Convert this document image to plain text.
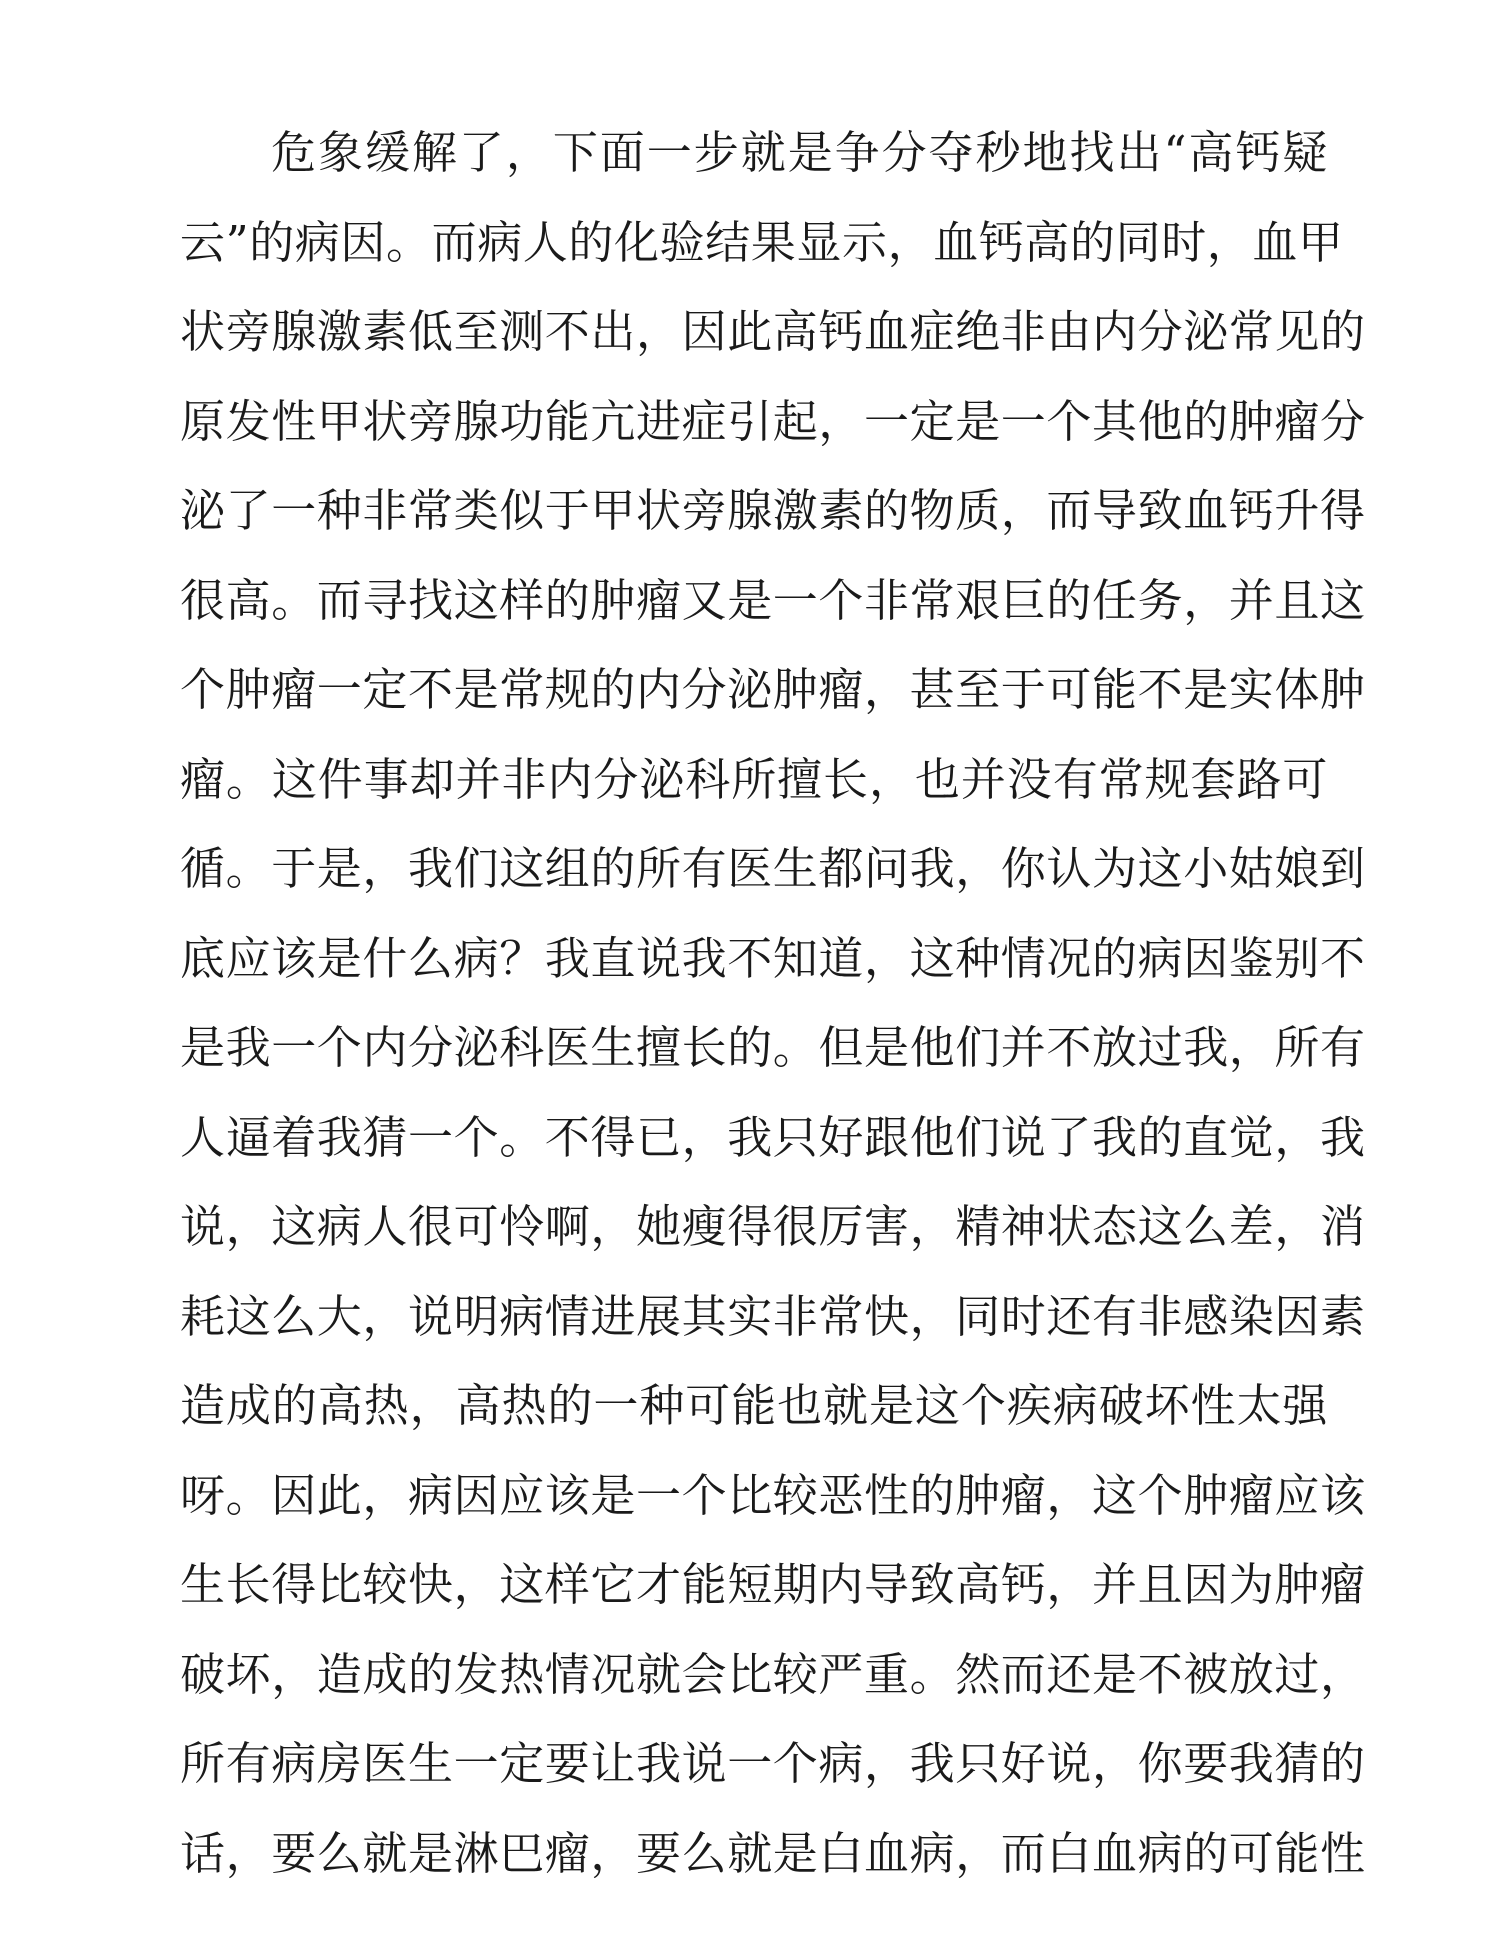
危象缓解了，下面一步就是争分夺秒地找出“高钙疑
云”的病因。而病人的化验结果显示，血钙高的同时，血甲
状旁腺激素低至测不出，因此高钙血症绝非由内分泌常见的
原发性甲状旁腺功能亢进症引起，一定是一个其他的肿瘤分
泌了一种非常类似于甲状旁腺激素的物质，而导致血钙升得
很高。而寻找这样的肿瘤又是一个非常艰巨的任务，并且这
个肿瘤一定不是常规的内分泌肿瘤，甚至于可能不是实体肿
瘤。这件事却并非内分泌科所擅长，也并没有常规套路可
循。于是，我们这组的所有医生都问我，你认为这小姑娘到
底应该是什么病？我直说我不知道，这种情况的病因鉴别不
是我一个内分泌科医生擅长的。但是他们并不放过我，所有
人逼着我猜一个。不得已，我只好跟他们说了我的直觉，我
说，这病人很可怜啊，她瘦得很厉害，精神状态这么差，消
耗这么大，说明病情进展其实非常快，同时还有非感染因素
造成的高热，高热的一种可能也就是这个疾病破坏性太强
呀。因此，病因应该是一个比较恶性的肿瘤，这个肿瘤应该
生长得比较快，这样它才能短期内导致高钙，并且因为肿瘤
破坏，造成的发热情况就会比较严重。然而还是不被放过，
所有病房医生一定要让我说一个病，我只好说，你要我猜的
话，要么就是淋巴瘤，要么就是白血病，而白血病的可能性
